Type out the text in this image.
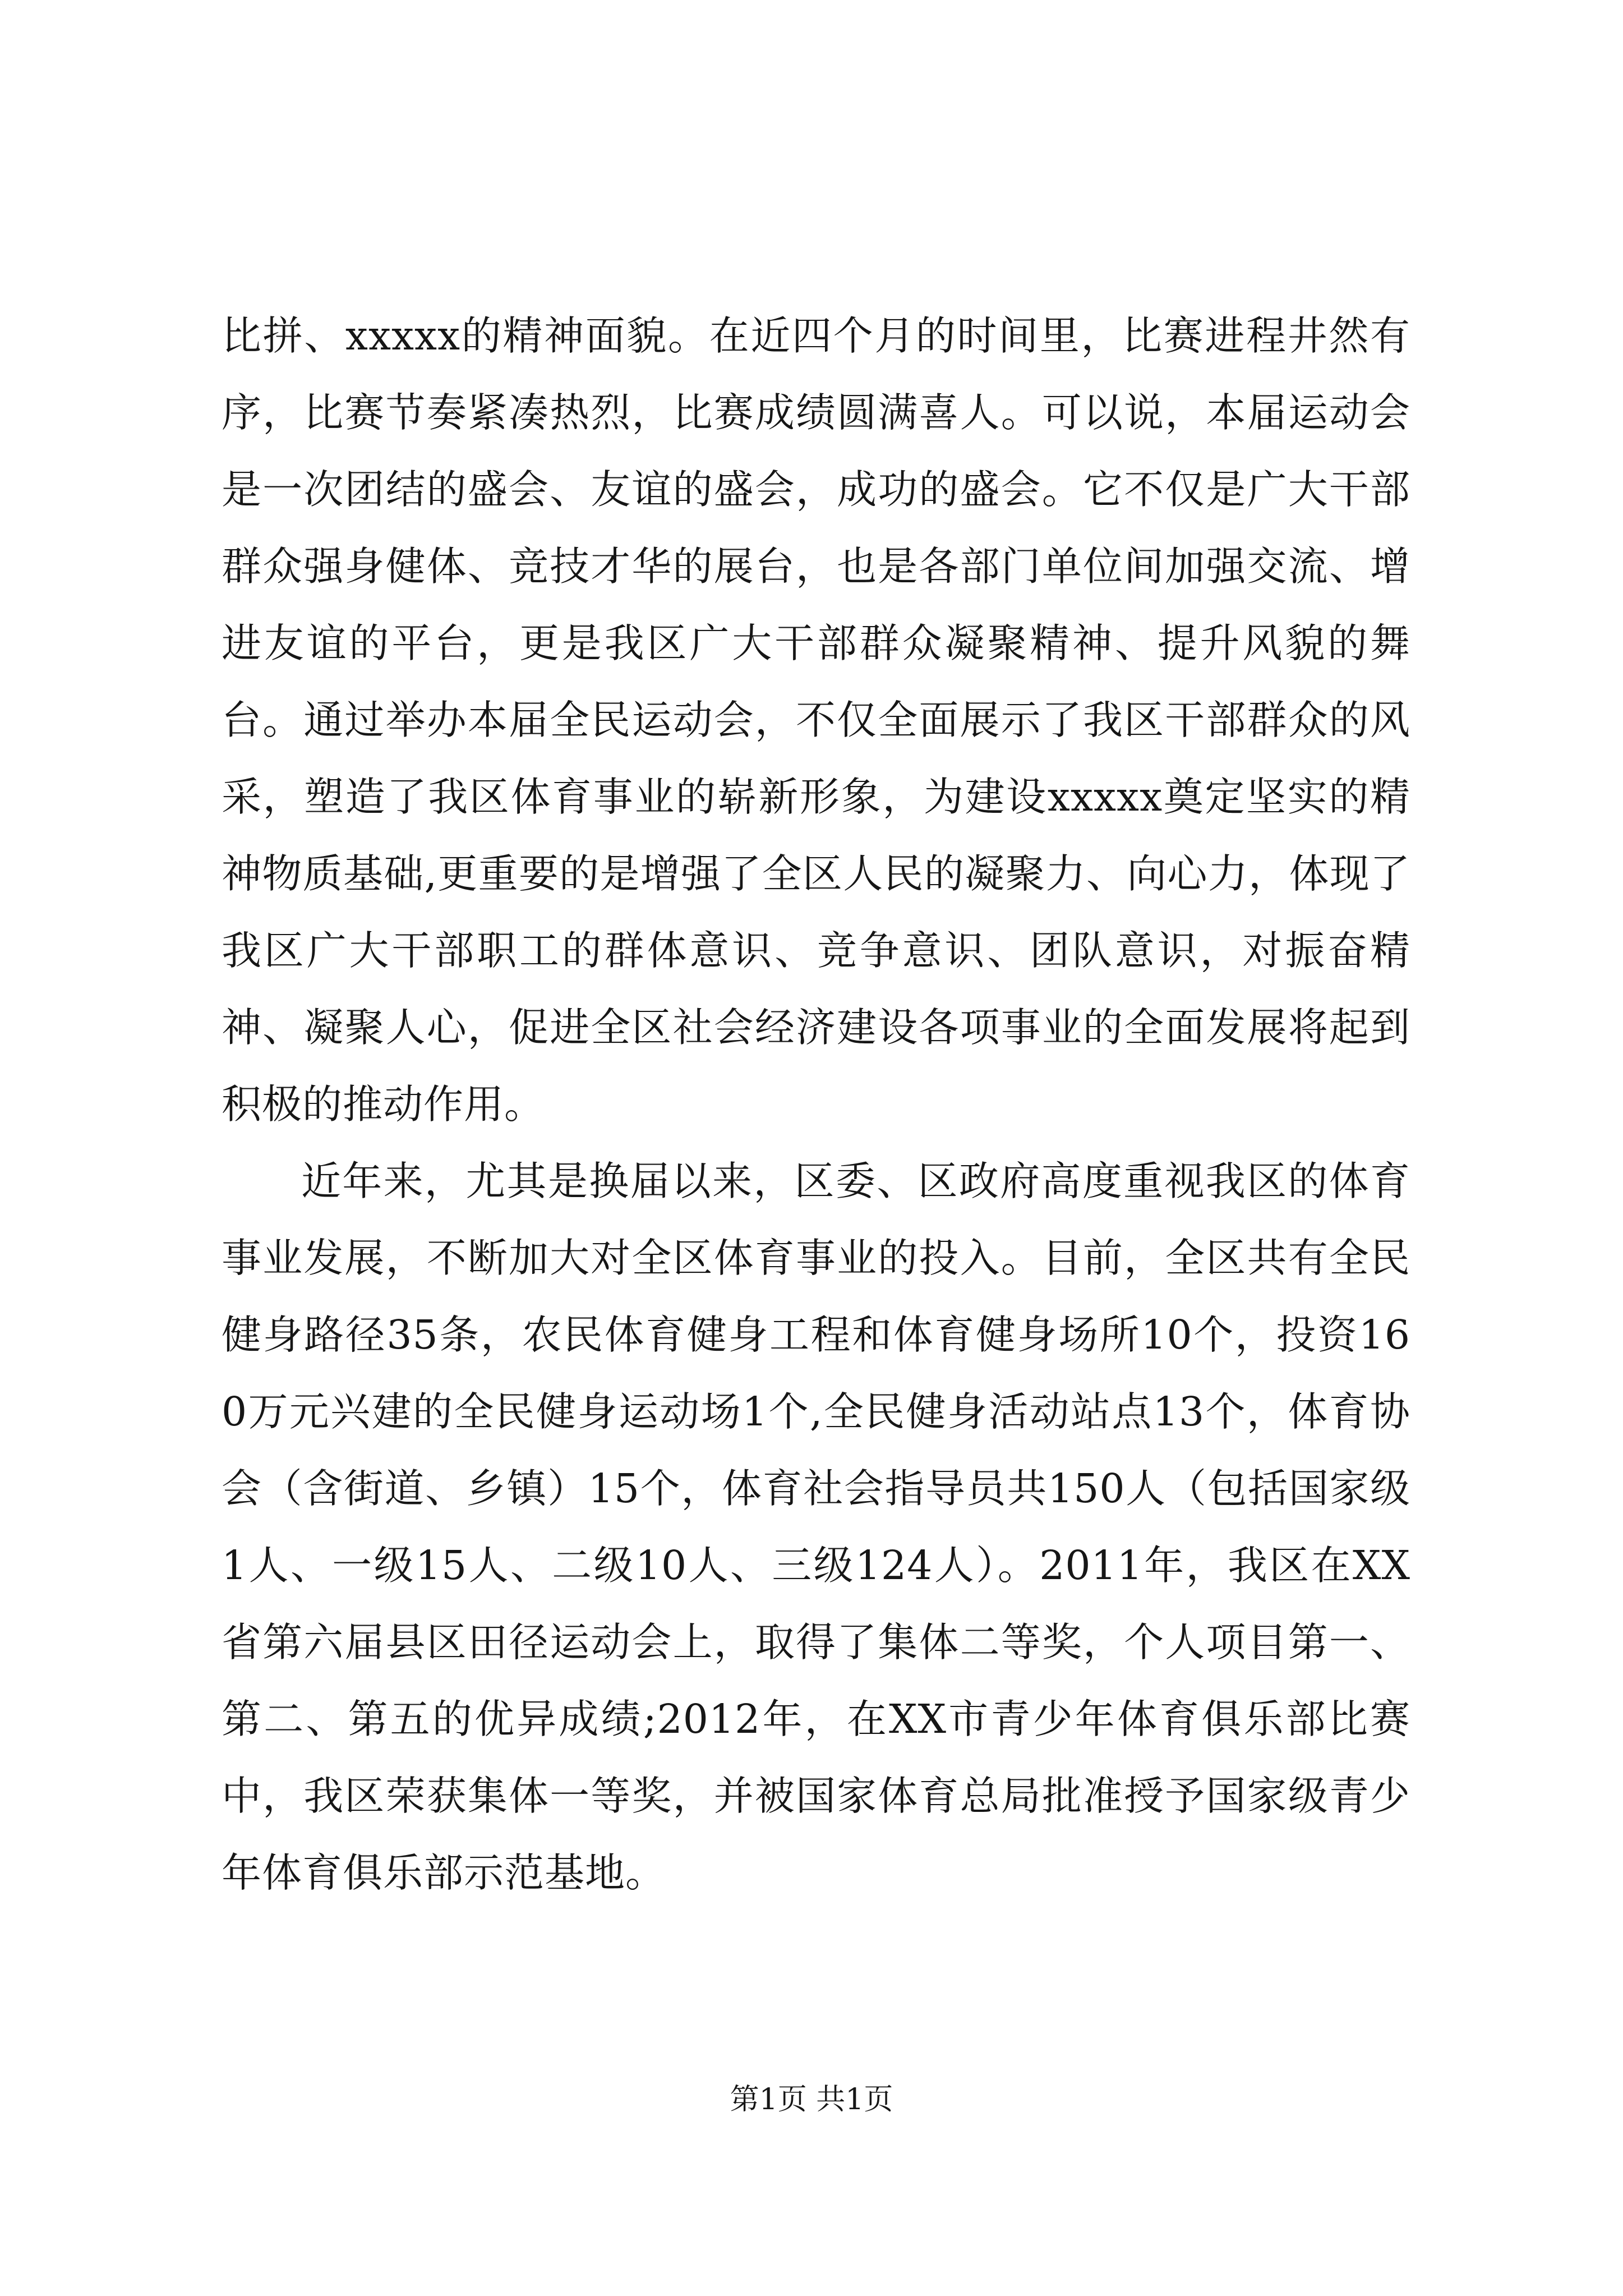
比拼、xxxxx的精神面貌。在近四个月的时间里，比赛进程井然有序，比赛节奏紧凑热烈，比赛成绩圆满喜人。可以说，本届运动会是一次团结的盛会、友谊的盛会，成功的盛会。它不仅是广大干部群众强身健体、竞技才华的展台，也是各部门单位间加强交流、增进友谊的平台，更是我区广大干部群众凝聚精神、提升风貌的舞台。通过举办本届全民运动会，不仅全面展示了我区干部群众的风采，塑造了我区体育事业的崭新形象，为建设xxxxx奠定坚实的精神物质基础,更重要的是增强了全区人民的凝聚力、向心力，体现了我区广大干部职工的群体意识、竞争意识、团队意识，对振奋精神、凝聚人心，促进全区社会经济建设各项事业的全面发展将起到积极的推动作用。

近年来，尤其是换届以来，区委、区政府高度重视我区的体育事业发展，不断加大对全区体育事业的投入。目前，全区共有全民健身路径35条，农民体育健身工程和体育健身场所10个，投资160万元兴建的全民健身运动场1个,全民健身活动站点13个，体育协会（含街道、乡镇）15个，体育社会指导员共150人（包括国家级1人、一级15人、二级10人、三级124人）。2011年，我区在XX省第六届县区田径运动会上，取得了集体二等奖，个人项目第一、第二、第五的优异成绩;2012年，在XX市青少年体育俱乐部比赛中，我区荣获集体一等奖，并被国家体育总局批准授予国家级青少年体育俱乐部示范基地。

第1页 共1页
